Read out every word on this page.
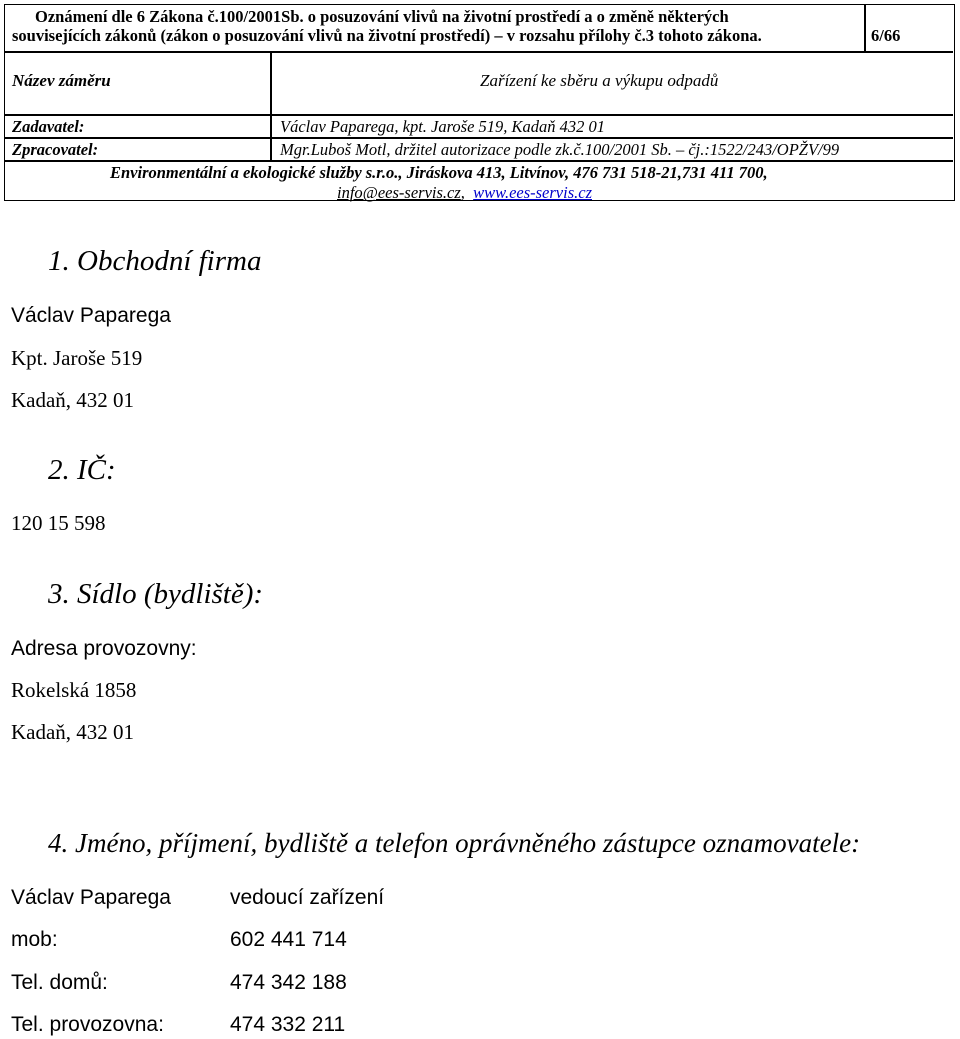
Oznámení dle 6 Zákona č.100/2001Sb. o posuzování vlivů na životní prostředí a o změně některých
souvisejících zákonů (zákon o posuzování vlivů na životní prostředí) – v rozsahu přílohy č.3 tohoto zákona.	6/66
Název záměru	Zařízení ke sběru a výkupu odpadů
Zadavatel:	Václav Paparega, kpt. Jaroše 519, Kadaň 432 01
Zpracovatel:	Mgr.Luboš Motl, držitel autorizace podle zk.č.100/2001 Sb. – čj.:1522/243/OPŽV/99
Environmentální a ekologické služby s.r.o., Jiráskova 413, Litvínov, 476 731 518-21,731 411 700,
info@ees-servis.cz, www.ees-servis.cz
1. Obchodní firma
Václav Paparega
Kpt. Jaroše 519
Kadaň, 432 01
2. IČ:
120 15 598
3. Sídlo (bydliště):
Adresa provozovny:
Rokelská 1858
Kadaň, 432 01
4. Jméno, příjmení, bydliště a telefon oprávněného zástupce oznamovatele:
Václav Paparega	vedoucí zařízení
mob:	602 441 714
Tel. domů:	474 342 188
Tel. provozovna:	474 332 211
